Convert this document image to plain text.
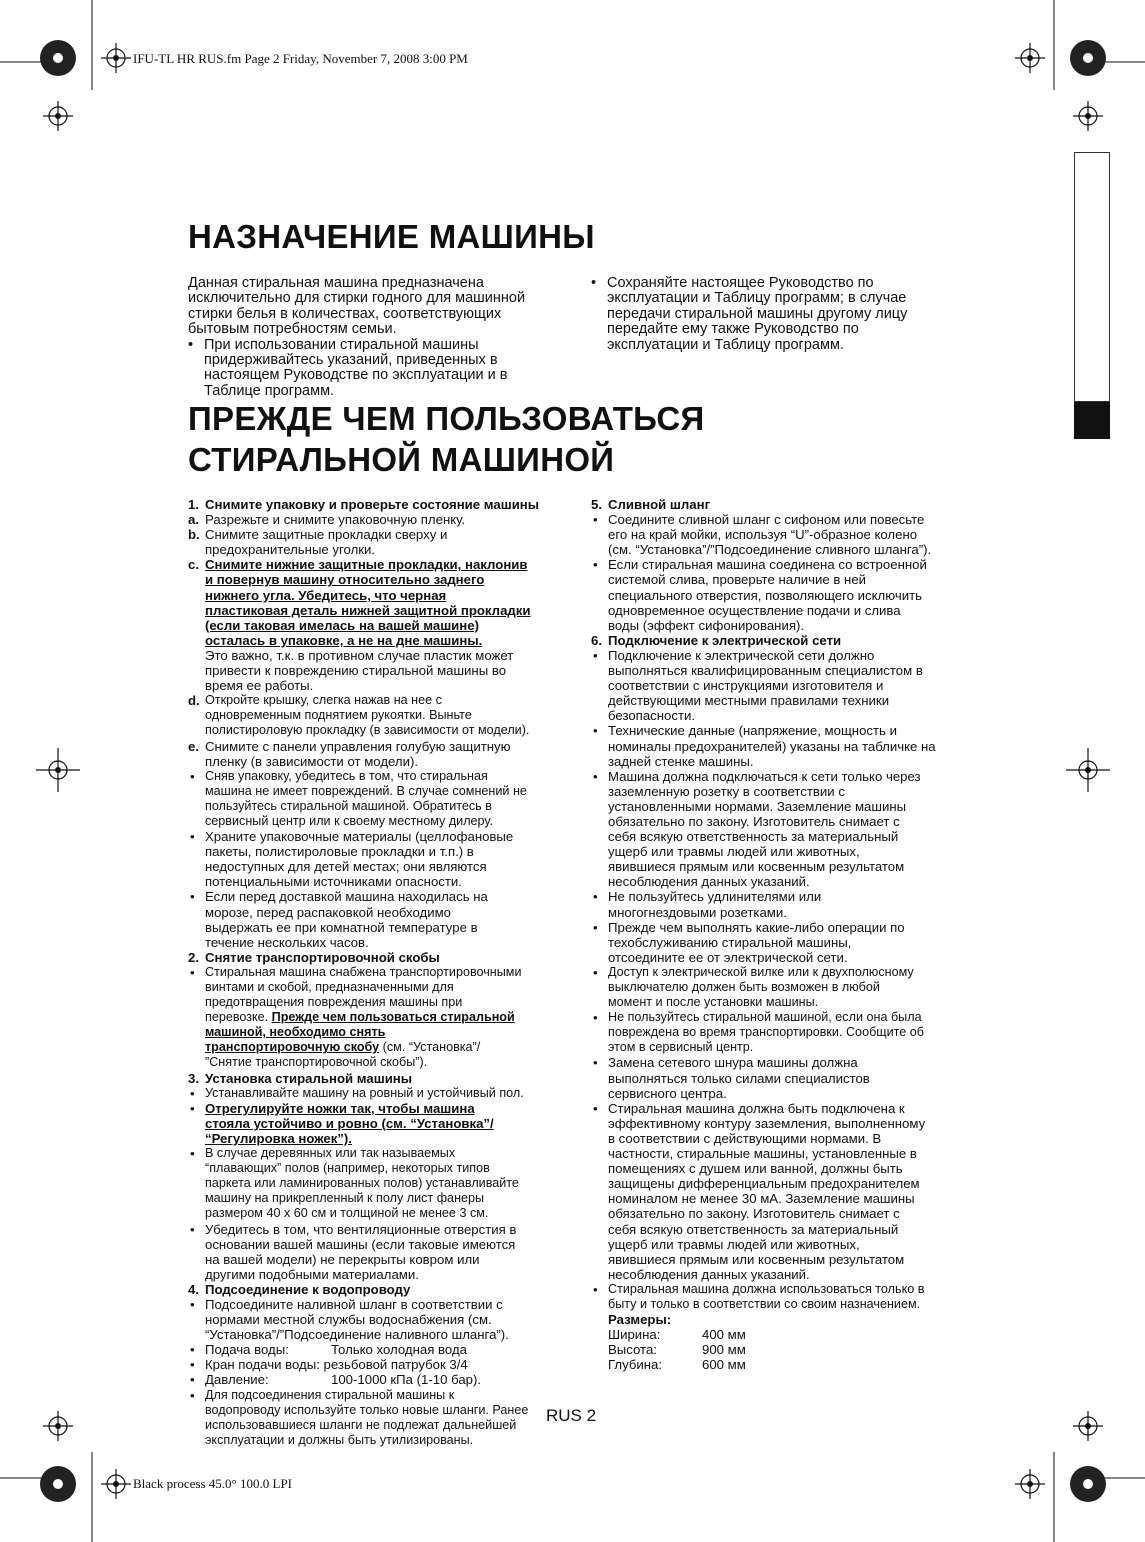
IFU-TL HR RUS.fm Page 2 Friday, November 7, 2008 3:00 PM
Black process 45.0° 100.0 LPI
НАЗНАЧЕНИЕ МАШИНЫ
Данная стиральная машина предназначена
исключительно для стирки годного для машинной
стирки белья в количествах, соответствующих
бытовым потребностям семьи.
• При использовании стиральной машины
придерживайтесь указаний, приведенных в
настоящем Руководстве по эксплуатации и в
Таблице программ.
• Сохраняйте настоящее Руководство по
эксплуатации и Таблицу программ; в случае
передачи стиральной машины другому лицу
передайте ему также Руководство по
эксплуатации и Таблицу программ.
ПРЕЖДЕ ЧЕМ ПОЛЬЗОВАТЬСЯ
СТИРАЛЬНОЙ МАШИНОЙ
1. Снимите упаковку и проверьте состояние машины
a. Разрежьте и снимите упаковочную пленку.
b. Снимите защитные прокладки сверху и
предохранительные уголки.
c. Снимите нижние защитные прокладки, наклонив
и повернув машину относительно заднего
нижнего угла. Убедитесь, что черная
пластиковая деталь нижней защитной прокладки
(если таковая имелась на вашей машине)
осталась в упаковке, а не на дне машины.
Это важно, т.к. в противном случае пластик может
привести к повреждению стиральной машины во
время ее работы.
d. Откройте крышку, слегка нажав на нее с
одновременным поднятием рукоятки. Выньте
полистироловую прокладку (в зависимости от модели).
e. Снимите с панели управления голубую защитную
пленку (в зависимости от модели).
• Сняв упаковку, убедитесь в том, что стиральная
машина не имеет повреждений. В случае сомнений не
пользуйтесь стиральной машиной. Обратитесь в
сервисный центр или к своему местному дилеру.
• Храните упаковочные материалы (целлофановые
пакеты, полистироловые прокладки и т.п.) в
недоступных для детей местах; они являются
потенциальными источниками опасности.
• Если перед доставкой машина находилась на
морозе, перед распаковкой необходимо
выдержать ее при комнатной температуре в
течение нескольких часов.
2. Снятие транспортировочной скобы
• Стиральная машина снабжена транспортировочными
винтами и скобой, предназначенными для
предотвращения повреждения машины при
перевозке. Прежде чем пользоваться стиральной
машиной, необходимо снять
транспортировочную скобу (см. “Установка”/
”Снятие транспортировочной скобы”).
3. Установка стиральной машины
• Устанавливайте машину на ровный и устойчивый пол.
• Отрегулируйте ножки так, чтобы машина
стояла устойчиво и ровно (см. “Установка”/
“Регулировка ножек”).
• В случае деревянных или так называемых
“плавающих” полов (например, некоторых типов
паркета или ламинированных полов) устанавливайте
машину на прикрепленный к полу лист фанеры
размером 40 x 60 см и толщиной не менее 3 см.
• Убедитесь в том, что вентиляционные отверстия в
основании вашей машины (если таковые имеются
на вашей модели) не перекрыты ковром или
другими подобными материалами.
4. Подсоединение к водопроводу
• Подсоедините наливной шланг в соответствии с
нормами местной службы водоснабжения (см.
“Установка”/”Подсоединение наливного шланга”).
• Подача воды:	Только холодная вода
• Кран подачи воды: резьбовой патрубок 3/4
• Давление:	100-1000 кПа (1-10 бар).
• Для подсоединения стиральной машины к
водопроводу используйте только новые шланги. Ранее
использовавшиеся шланги не подлежат дальнейшей
эксплуатации и должны быть утилизированы.
5. Сливной шланг
• Соедините сливной шланг с сифоном или повесьте
его на край мойки, используя “U”-образное колено
(см. “Установка”/”Подсоединение сливного шланга”).
• Если стиральная машина соединена со встроенной
системой слива, проверьте наличие в ней
специального отверстия, позволяющего исключить
одновременное осуществление подачи и слива
воды (эффект сифонирования).
6. Подключение к электрической сети
• Подключение к электрической сети должно
выполняться квалифицированным специалистом в
соответствии с инструкциями изготовителя и
действующими местными правилами техники
безопасности.
• Технические данные (напряжение, мощность и
номиналы предохранителей) указаны на табличке на
задней стенке машины.
• Машина должна подключаться к сети только через
заземленную розетку в соответствии с
установленными нормами. Заземление машины
обязательно по закону. Изготовитель снимает с
себя всякую ответственность за материальный
ущерб или травмы людей или животных,
явившиеся прямым или косвенным результатом
несоблюдения данных указаний.
• Не пользуйтесь удлинителями или
многогнездовыми розетками.
• Прежде чем выполнять какие-либо операции по
техобслуживанию стиральной машины,
отсоедините ее от электрической сети.
• Доступ к электрической вилке или к двухполюсному
выключателю должен быть возможен в любой
момент и после установки машины.
• Не пользуйтесь стиральной машиной, если она была
повреждена во время транспортировки. Сообщите об
этом в сервисный центр.
• Замена сетевого шнура машины должна
выполняться только силами специалистов
сервисного центра.
• Стиральная машина должна быть подключена к
эффективному контуру заземления, выполненному
в соответствии с действующими нормами. В
частности, стиральные машины, установленные в
помещениях с душем или ванной, должны быть
защищены дифференциальным предохранителем
номиналом не менее 30 мА. Заземление машины
обязательно по закону. Изготовитель снимает с
себя всякую ответственность за материальный
ущерб или травмы людей или животных,
явившиеся прямым или косвенным результатом
несоблюдения данных указаний.
• Стиральная машина должна использоваться только в
быту и только в соответствии со своим назначением.
Размеры:
Ширина:	400 мм
Высота:	900 мм
Глубина:	600 мм
RUS 2
